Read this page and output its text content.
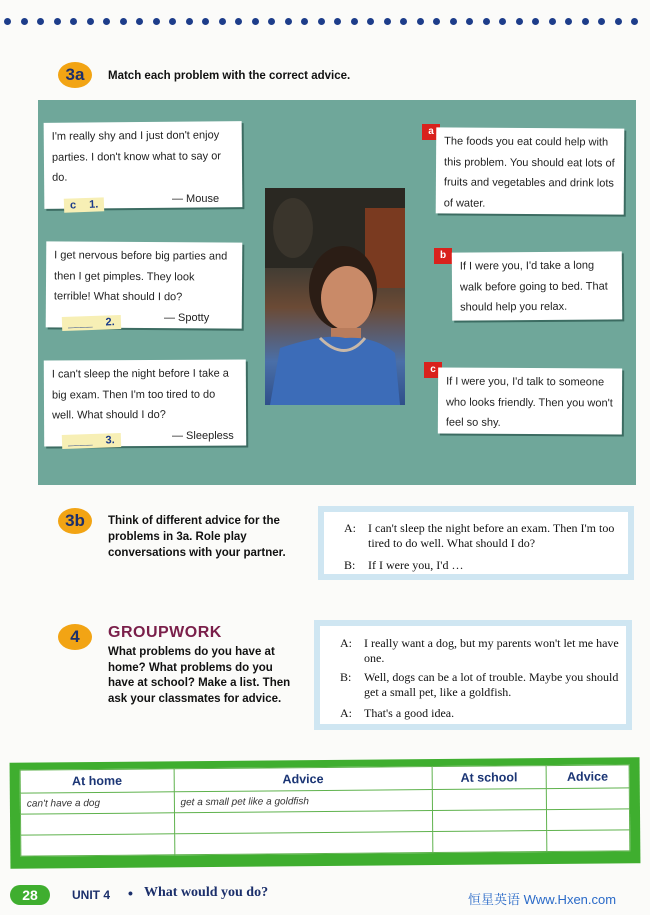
3a	Match each problem with the correct advice.
I'm really shy and I just don't enjoy parties. I don't know what to say or do.
c 1.	— Mouse
I get nervous before big parties and then I get pimples. They look terrible! What should I do?
____ 2.	— Spotty
I can't sleep the night before I take a big exam. Then I'm too tired to do well. What should I do?
____ 3.	— Sleepless
a
The foods you eat could help with this problem. You should eat lots of fruits and vegetables and drink lots of water.
b
If I were you, I'd take a long walk before going to bed. That should help you relax.
c
If I were you, I'd talk to someone who looks friendly. Then you won't feel so shy.
3b	Think of different advice for the problems in 3a. Role play conversations with your partner.
A: I can't sleep the night before an exam. Then I'm too tired to do well. What should I do?
B: If I were you, I'd …
4	GROUPWORK
What problems do you have at home? What problems do you have at school? Make a list. Then ask your classmates for advice.
A: I really want a dog, but my parents won't let me have one.
B: Well, dogs can be a lot of trouble. Maybe you should get a small pet, like a goldfish.
A: That's a good idea.
At home	Advice	At school	Advice
can't have a dog	get a small pet like a goldfish		

28	UNIT 4 • What would you do?	恒星英语 Www.Hxen.com
